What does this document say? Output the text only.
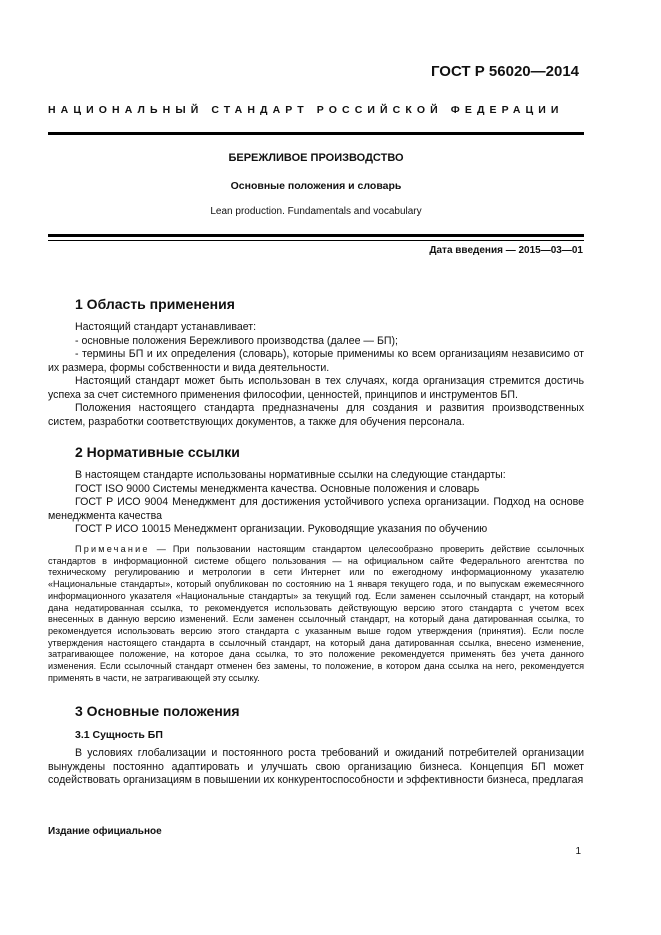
ГОСТ Р 56020—2014
НАЦИОНАЛЬНЫЙ СТАНДАРТ РОССИЙСКОЙ ФЕДЕРАЦИИ
БЕРЕЖЛИВОЕ ПРОИЗВОДСТВО
Основные положения и словарь
Lean production. Fundamentals and vocabulary
Дата введения — 2015—03—01
1 Область применения

Настоящий стандарт устанавливает:

- основные положения Бережливого производства (далее — БП);

- термины БП и их определения (словарь), которые применимы ко всем организациям независимо от их размера, формы собственности и вида деятельности.

Настоящий стандарт может быть использован в тех случаях, когда организация стремится достичь успеха за счет системного применения философии, ценностей, принципов и инструментов БП.

Положения настоящего стандарта предназначены для создания и развития производственных систем, разработки соответствующих документов, а также для обучения персонала.

2 Нормативные ссылки

В настоящем стандарте использованы нормативные ссылки на следующие стандарты:

ГОСТ ISO 9000 Системы менеджмента качества. Основные положения и словарь

ГОСТ Р ИСО 9004 Менеджмент для достижения устойчивого успеха организации. Подход на основе менеджмента качества

ГОСТ Р ИСО 10015 Менеджмент организации. Руководящие указания по обучению

Примечание — При пользовании настоящим стандартом целесообразно проверить действие ссылочных стандартов в информационной системе общего пользования — на официальном сайте Федерального агентства по техническому регулированию и метрологии в сети Интернет или по ежегодному информационному указателю «Национальные стандарты», который опубликован по состоянию на 1 января текущего года, и по выпускам ежемесячного информационного указателя «Национальные стандарты» за текущий год. Если заменен ссылочный стандарт, на который дана недатированная ссылка, то рекомендуется использовать действующую версию этого стандарта с учетом всех внесенных в данную версию изменений. Если заменен ссылочный стандарт, на который дана датированная ссылка, то рекомендуется использовать версию этого стандарта с указанным выше годом утверждения (принятия). Если после утверждения настоящего стандарта в ссылочный стандарт, на который дана датированная ссылка, внесено изменение, затрагивающее положение, на которое дана ссылка, то это положение рекомендуется применять без учета данного изменения. Если ссылочный стандарт отменен без замены, то положение, в котором дана ссылка на него, рекомендуется применять в части, не затрагивающей эту ссылку.

3 Основные положения
3.1 Сущность БП

В условиях глобализации и постоянного роста требований и ожиданий потребителей организации вынуждены постоянно адаптировать и улучшать свою организацию бизнеса. Концепция БП может содействовать организациям в повышении их конкурентоспособности и эффективности бизнеса, предлагая

Издание официальное
1
